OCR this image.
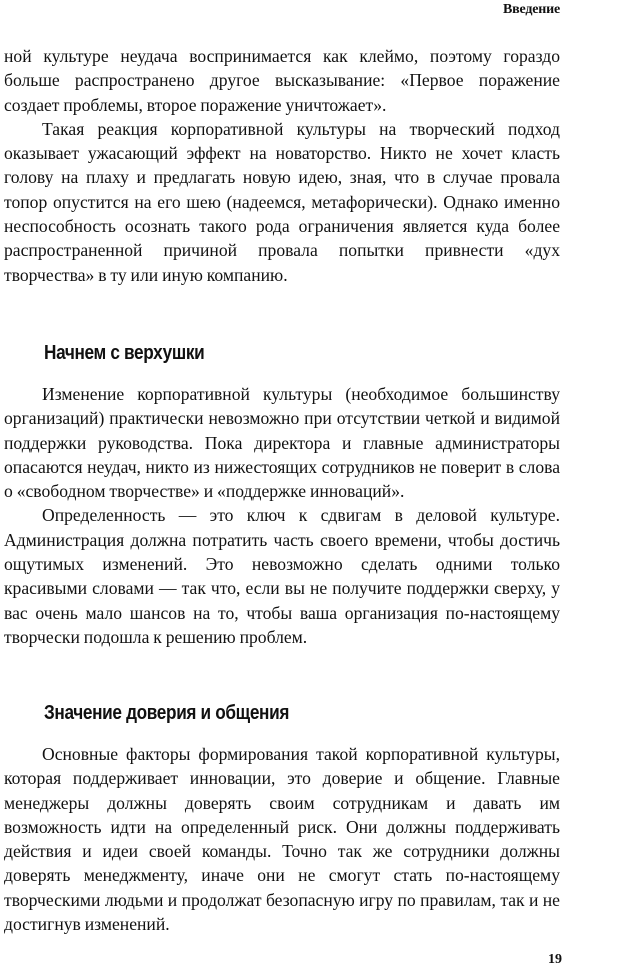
Введение

ной культуре неудача воспринимается как клеймо, поэтому гораздо больше распространено другое высказывание: «Первое поражение создает проблемы, второе поражение уничтожает».

Такая реакция корпоративной культуры на творческий подход оказывает ужасающий эффект на новаторство. Никто не хочет класть голову на плаху и предлагать новую идею, зная, что в случае провала топор опустится на его шею (надеемся, метафорически). Однако именно неспособность осознать такого рода ограничения является куда более распространенной причиной провала попытки привнести «дух творчества» в ту или иную компанию.

Начнем с верхушки

Изменение корпоративной культуры (необходимое большинству организаций) практически невозможно при отсутствии четкой и видимой поддержки руководства. Пока директора и главные администраторы опасаются неудач, никто из нижестоящих сотрудников не поверит в слова о «свободном творчестве» и «поддержке инноваций».

Определенность — это ключ к сдвигам в деловой культуре. Администрация должна потратить часть своего времени, чтобы достичь ощутимых изменений. Это невозможно сделать одними только красивыми словами — так что, если вы не получите поддержки сверху, у вас очень мало шансов на то, чтобы ваша организация по-настоящему творчески подошла к решению проблем.

Значение доверия и общения

Основные факторы формирования такой корпоративной культуры, которая поддерживает инновации, это доверие и общение. Главные менеджеры должны доверять своим сотрудникам и давать им возможность идти на определенный риск. Они должны поддерживать действия и идеи своей команды. Точно так же сотрудники должны доверять менеджменту, иначе они не смогут стать по-настоящему творческими людьми и продолжат безопасную игру по правилам, так и не достигнув изменений.

19
